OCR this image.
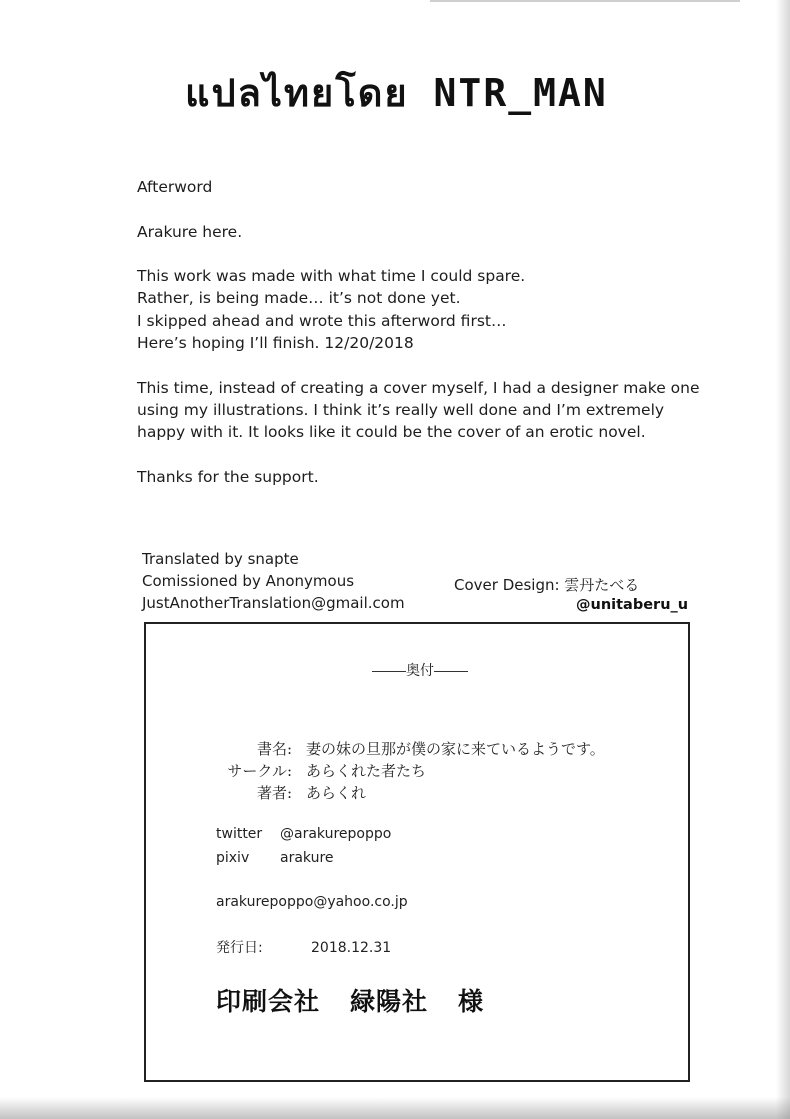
แปลไทยโดย NTR_MAN

Afterword

Arakure here.

This work was made with what time I could spare.

Rather, is being made… it’s not done yet.

I skipped ahead and wrote this afterword first…

Here’s hoping I’ll finish. 12/20/2018

This time, instead of creating a cover myself, I had a designer make one

using my illustrations. I think it’s really well done and I’m extremely

happy with it. It looks like it could be the cover of an erotic novel.

Thanks for the support.

Translated by snapte
Comissioned by Anonymous
JustAnotherTranslation@gmail.com
Cover Design: 雲丹たべる
@unitaberu_u
奥付
書名: 妻の妹の旦那が僕の家に来ているようです。
サークル: あらくれた者たち
著者: あらくれ
twitter @arakurepoppo
pixiv arakure
arakurepoppo@yahoo.co.jp
発行日:	2018.12.31
印刷会社 緑陽社 様
